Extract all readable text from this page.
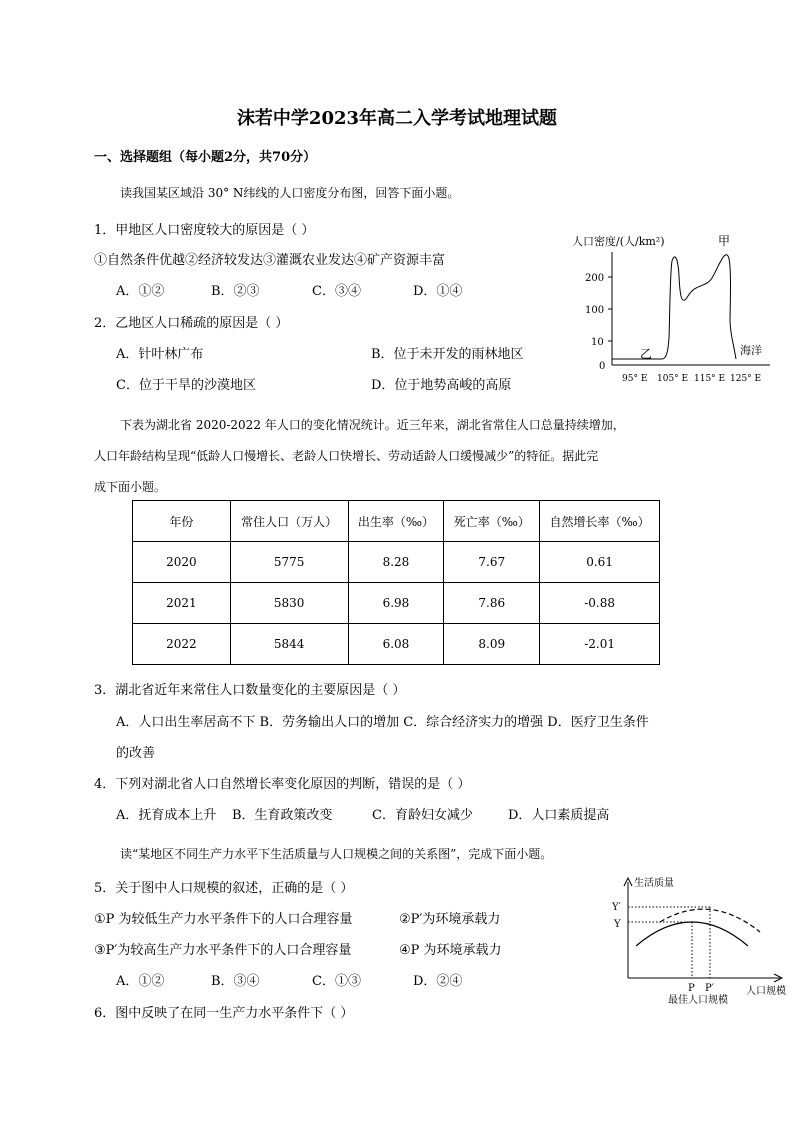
沫若中学2023年高二入学考试地理试题
一、选择题组（每小题2分，共70分）
读我国某区域沿 30° N纬线的人口密度分布图，回答下面小题。
1．甲地区人口密度较大的原因是（ ）
①自然条件优越②经济较发达③灌溉农业发达④矿产资源丰富
A．①②	B．②③	C．③④	D．①④
2．乙地区人口稀疏的原因是（ ）
A．针叶林广布	B．位于未开发的雨林地区
C．位于干旱的沙漠地区	D．位于地势高峻的高原
人口密度/(人/km²)	甲
200
100
10
0
乙	海洋
95° E 105° E 115° E 125° E
下表为湖北省 2020-2022 年人口的变化情况统计。近三年来，湖北省常住人口总量持续增加，
人口年龄结构呈现“低龄人口慢增长、老龄人口快增长、劳动适龄人口缓慢减少”的特征。据此完
成下面小题。
年份	常住人口（万人）	出生率（‰）	死亡率（‰）	自然增长率（‰）
2020	5775	8.28	7.67	0.61
2021	5830	6.98	7.86	-0.88
2022	5844	6.08	8.09	-2.01
3．湖北省近年来常住人口数量变化的主要原因是（ ）
A．人口出生率居高不下 B．劳务输出人口的增加 C．综合经济实力的增强 D．医疗卫生条件
的改善
4．下列对湖北省人口自然增长率变化原因的判断，错误的是（ ）
A．抚育成本上升 B．生育政策改变	C．育龄妇女减少	D．人口素质提高
读“某地区不同生产力水平下生活质量与人口规模之间的关系图”，完成下面小题。
5．关于图中人口规模的叙述，正确的是（ ）
①P 为较低生产力水平条件下的人口合理容量	②P′为环境承载力
③P′为较高生产力水平条件下的人口合理容量	④P 为环境承载力
A．①②	B．③④	C．①③	D．②④
6．图中反映了在同一生产力水平条件下（ ）
生活质量
人口规模
Y′
Y
P P′
最佳人口规模
